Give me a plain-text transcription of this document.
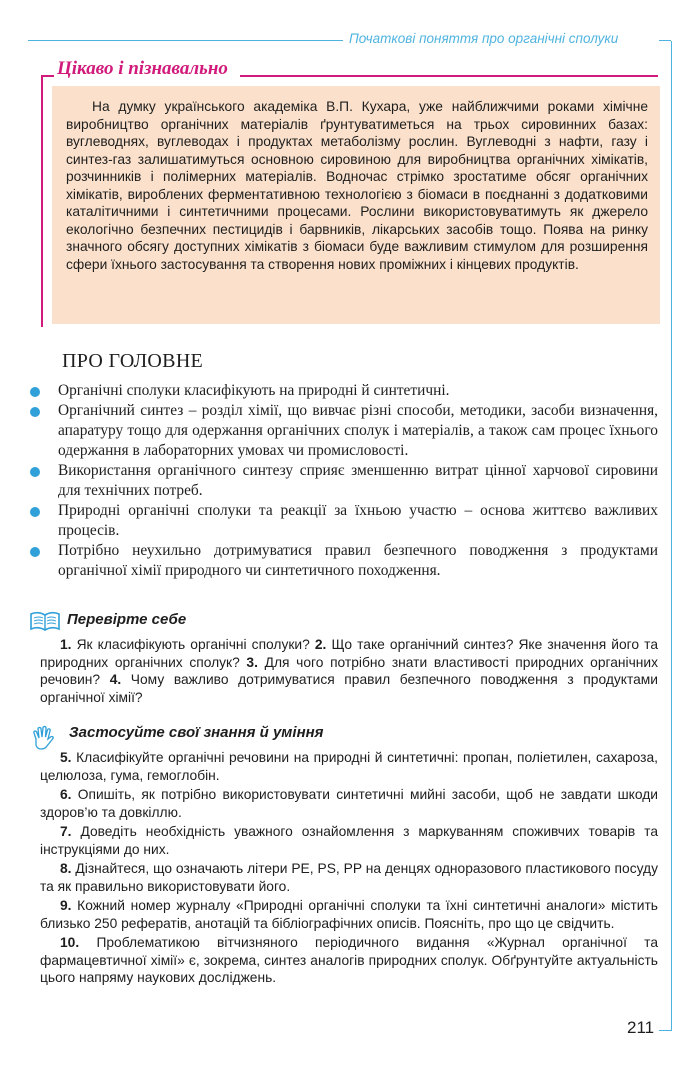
Початкові поняття про органічні сполуки
Цікаво і пізнавально

На думку українського академіка В.П. Кухара, уже найближчими роками хімічне виробництво органічних матеріалів ґрунтуватиметься на трьох сировинних базах: вуглеводнях, вуглеводах і продуктах метаболізму рослин. Вуглеводні з нафти, газу і синтез-газ залишатимуться основною сировиною для виробництва органічних хімікатів, розчинників і полімерних матеріалів. Водночас стрімко зростатиме обсяг органічних хімікатів, вироблених ферментативною технологією з біомаси в поєднанні з додатковими каталітичними і синтетичними процесами. Рослини використовуватимуть як джерело екологічно безпечних пестицидів і барвників, лікарських засобів тощо. Поява на ринку значного обсягу доступних хімікатів з біомаси буде важливим стимулом для розширення сфери їхнього застосування та створення нових проміжних і кінцевих продуктів.

ПРО ГОЛОВНЕ
Органічні сполуки класифікують на природні й синтетичні.
Органічний синтез – розділ хімії, що вивчає різні способи, методики, засоби визначення, апаратуру тощо для одержання органічних сполук і матеріалів, а також сам процес їхнього одержання в лабораторних умовах чи промисловості.
Використання органічного синтезу сприяє зменшенню витрат цінної харчової сировини для технічних потреб.
Природні органічні сполуки та реакції за їхньою участю – основа життєво важливих процесів.
Потрібно неухильно дотримуватися правил безпечного поводження з продуктами органічної хімії природного чи синтетичного походження.
Перевірте себе

1. Як класифікують органічні сполуки? 2. Що таке органічний синтез? Яке значення його та природних органічних сполук? 3. Для чого потрібно знати властивості природних органічних речовин? 4. Чому важливо дотримуватися правил безпечного поводження з продуктами органічної хімії?

Застосуйте свої знання й уміння

5. Класифікуйте органічні речовини на природні й синтетичні: пропан, поліетилен, сахароза, целюлоза, гума, гемоглобін.

6. Опишіть, як потрібно використовувати синтетичні мийні засоби, щоб не завдати шкоди здоров’ю та довкіллю.

7. Доведіть необхідність уважного ознайомлення з маркуванням споживчих товарів та інструкціями до них.

8. Дізнайтеся, що означають літери PE, PS, PP на денцях одноразового пластикового посуду та як правильно використовувати його.

9. Кожний номер журналу «Природні органічні сполуки та їхні синтетичні аналоги» містить близько 250 рефератів, анотацій та бібліографічних описів. Поясніть, про що це свідчить.

10. Проблематикою вітчизняного періодичного видання «Журнал органічної та фармацевтичної хімії» є, зокрема, синтез аналогів природних сполук. Обґрунтуйте актуальність цього напряму наукових досліджень.

211
